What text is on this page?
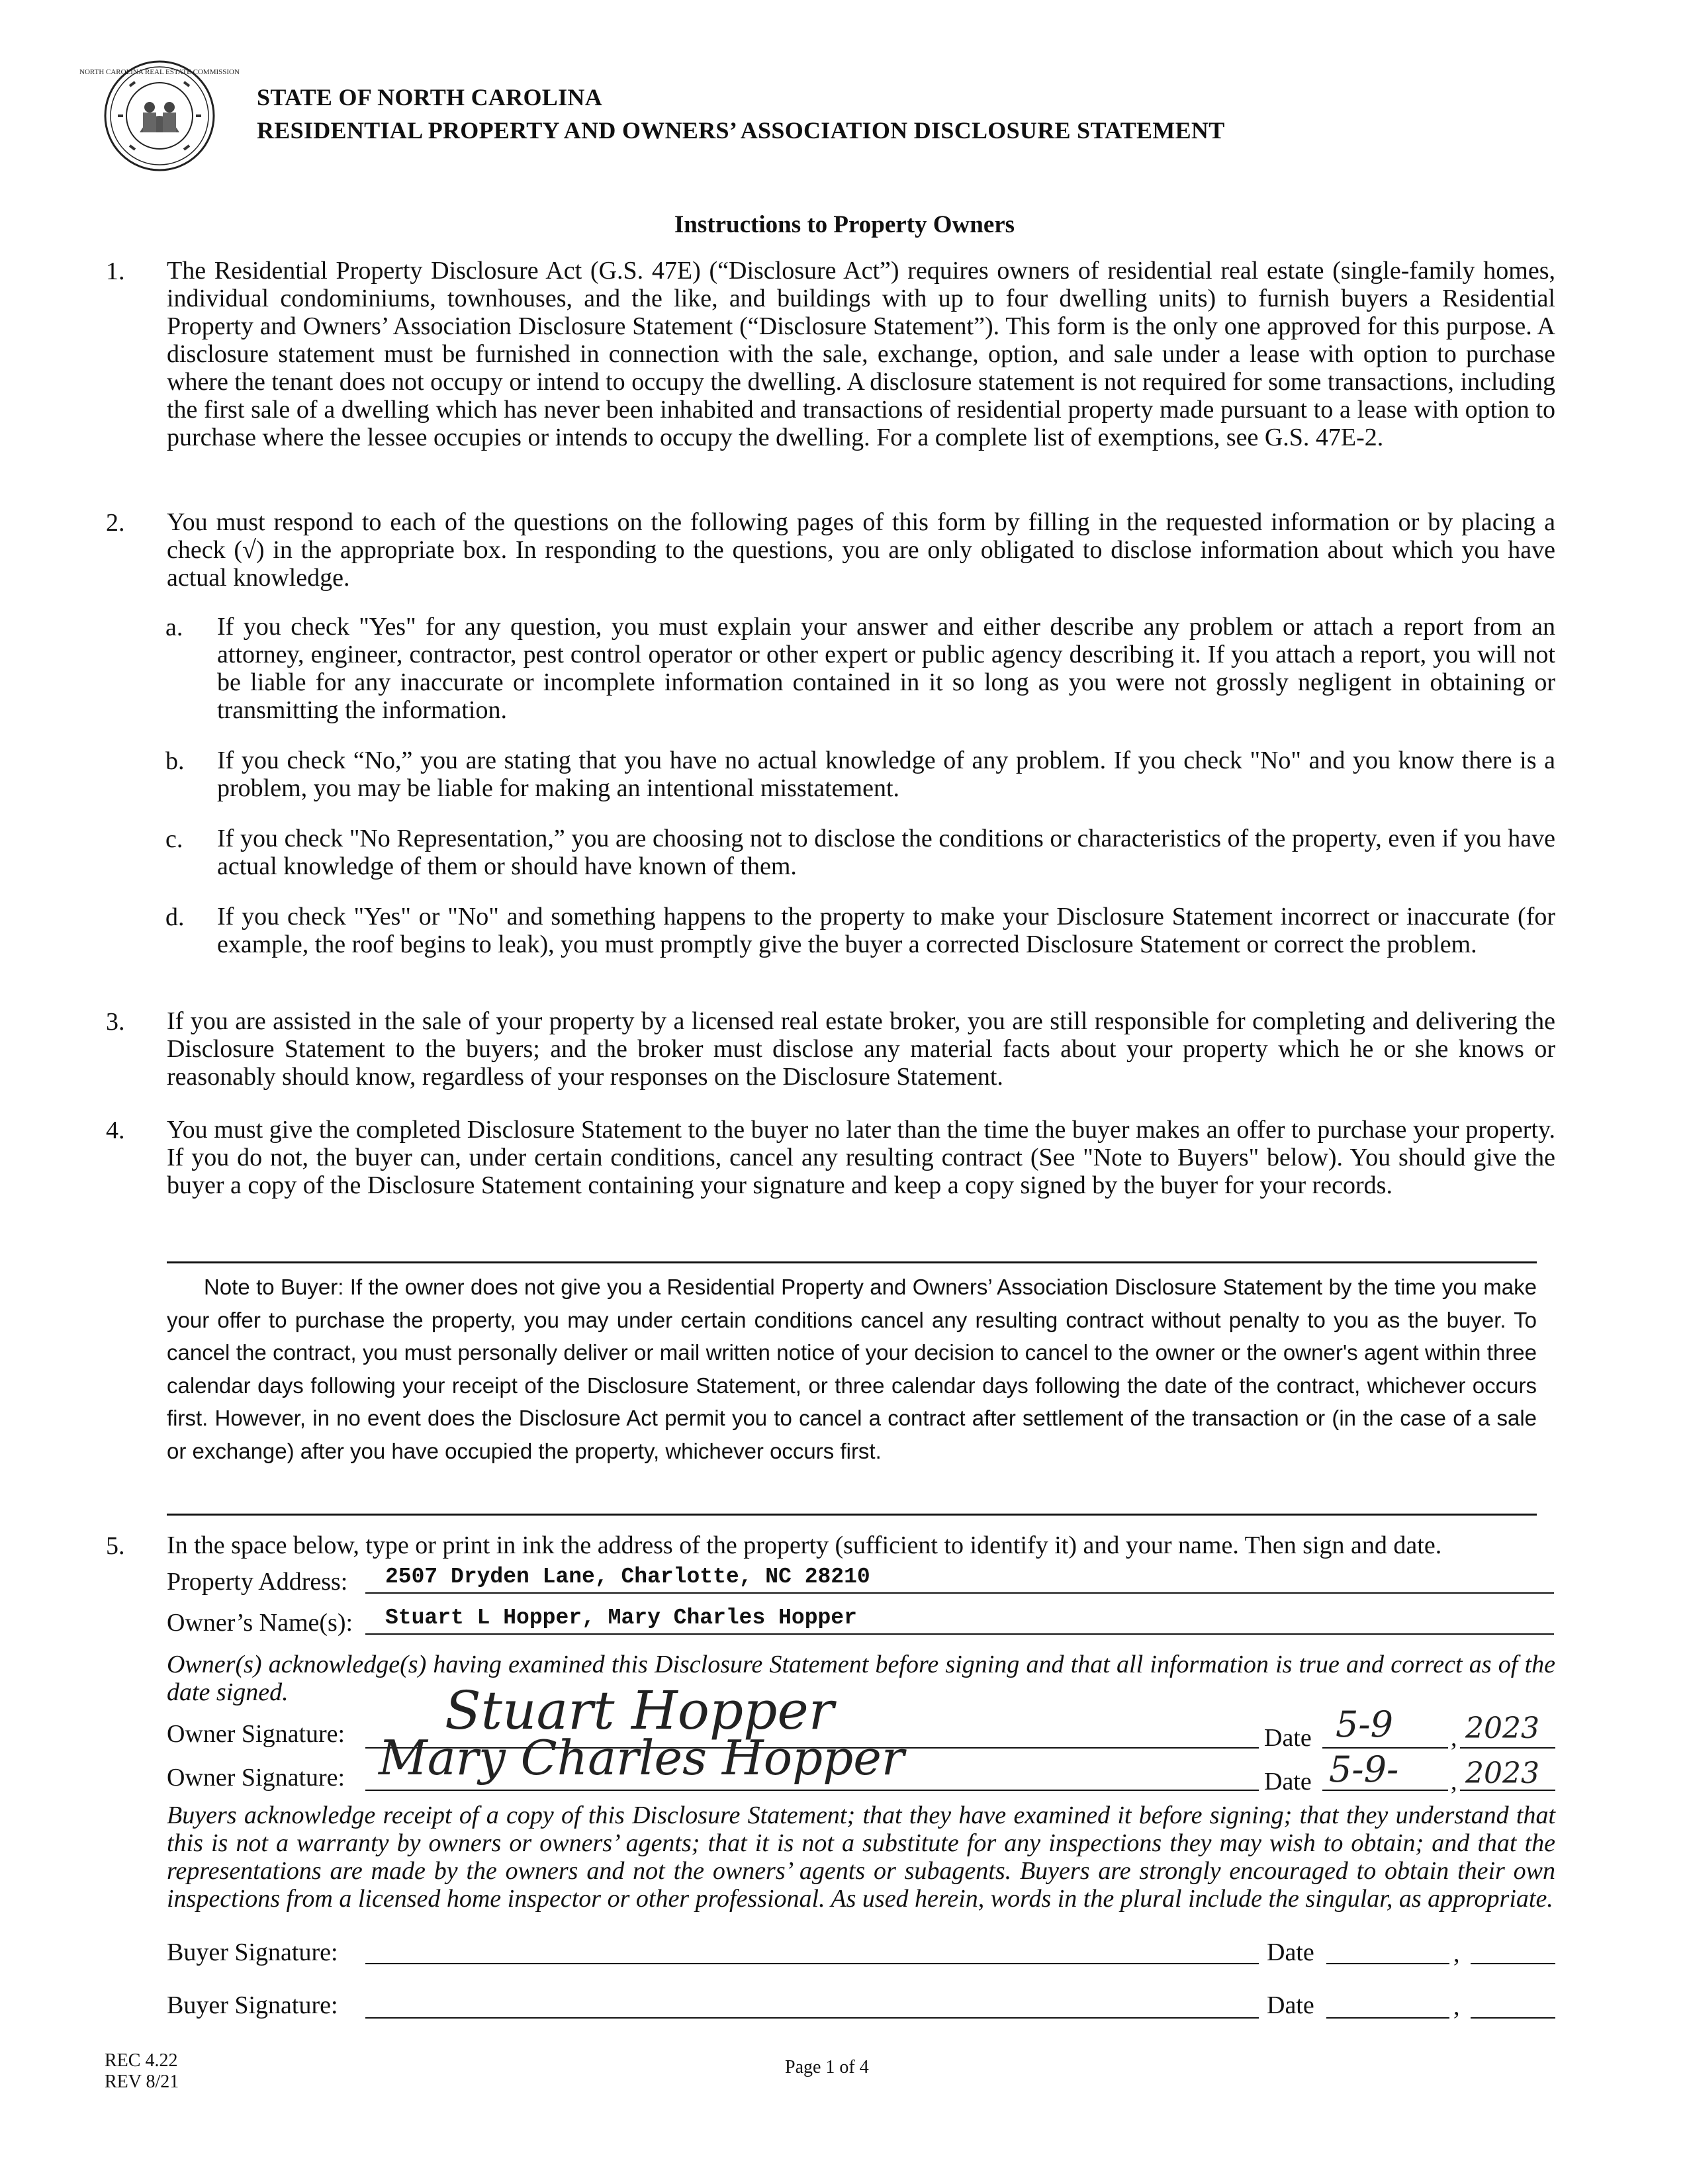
NORTH CAROLINA REAL ESTATE COMMISSION
STATE OF NORTH CAROLINA
RESIDENTIAL PROPERTY AND OWNERS’ ASSOCIATION DISCLOSURE STATEMENT
Instructions to Property Owners
1. The Residential Property Disclosure Act (G.S. 47E) (“Disclosure Act”) requires owners of residential real estate (single-family homes, individual condominiums, townhouses, and the like, and buildings with up to four dwelling units) to furnish buyers a Residential Property and Owners’ Association Disclosure Statement (“Disclosure Statement”). This form is the only one approved for this purpose. A disclosure statement must be furnished in connection with the sale, exchange, option, and sale under a lease with option to purchase where the tenant does not occupy or intend to occupy the dwelling. A disclosure statement is not required for some transactions, including the first sale of a dwelling which has never been inhabited and transactions of residential property made pursuant to a lease with option to purchase where the lessee occupies or intends to occupy the dwelling. For a complete list of exemptions, see G.S. 47E-2.
2. You must respond to each of the questions on the following pages of this form by filling in the requested information or by placing a check (√) in the appropriate box. In responding to the questions, you are only obligated to disclose information about which you have actual knowledge.
a. If you check "Yes" for any question, you must explain your answer and either describe any problem or attach a report from an attorney, engineer, contractor, pest control operator or other expert or public agency describing it. If you attach a report, you will not be liable for any inaccurate or incomplete information contained in it so long as you were not grossly negligent in obtaining or transmitting the information.
b. If you check “No,” you are stating that you have no actual knowledge of any problem. If you check "No" and you know there is a problem, you may be liable for making an intentional misstatement.
c. If you check "No Representation,” you are choosing not to disclose the conditions or characteristics of the property, even if you have actual knowledge of them or should have known of them.
d. If you check "Yes" or "No" and something happens to the property to make your Disclosure Statement incorrect or inaccurate (for example, the roof begins to leak), you must promptly give the buyer a corrected Disclosure Statement or correct the problem.
3. If you are assisted in the sale of your property by a licensed real estate broker, you are still responsible for completing and delivering the Disclosure Statement to the buyers; and the broker must disclose any material facts about your property which he or she knows or reasonably should know, regardless of your responses on the Disclosure Statement.
4. You must give the completed Disclosure Statement to the buyer no later than the time the buyer makes an offer to purchase your property. If you do not, the buyer can, under certain conditions, cancel any resulting contract (See "Note to Buyers" below). You should give the buyer a copy of the Disclosure Statement containing your signature and keep a copy signed by the buyer for your records.
Note to Buyer: If the owner does not give you a Residential Property and Owners’ Association Disclosure Statement by the time you make your offer to purchase the property, you may under certain conditions cancel any resulting contract without penalty to you as the buyer. To cancel the contract, you must personally deliver or mail written notice of your decision to cancel to the owner or the owner's agent within three calendar days following your receipt of the Disclosure Statement, or three calendar days following the date of the contract, whichever occurs first. However, in no event does the Disclosure Act permit you to cancel a contract after settlement of the transaction or (in the case of a sale or exchange) after you have occupied the property, whichever occurs first.
5. In the space below, type or print in ink the address of the property (sufficient to identify it) and your name. Then sign and date.
Property Address: 2507 Dryden Lane, Charlotte, NC 28210
Owner’s Name(s): Stuart L Hopper, Mary Charles Hopper
Owner(s) acknowledge(s) having examined this Disclosure Statement before signing and that all information is true and correct as of the date signed.
Owner Signature: Stuart Hopper	Date 5-9 , 2023
Owner Signature: Mary Charles Hopper	Date 5-9- , 2023
Buyers acknowledge receipt of a copy of this Disclosure Statement; that they have examined it before signing; that they understand that this is not a warranty by owners or owners’ agents; that it is not a substitute for any inspections they may wish to obtain; and that the representations are made by the owners and not the owners’ agents or subagents. Buyers are strongly encouraged to obtain their own inspections from a licensed home inspector or other professional. As used herein, words in the plural include the singular, as appropriate.
Buyer Signature:	Date	,
Buyer Signature:	Date	,
REC 4.22
REV 8/21
Page 1 of 4
